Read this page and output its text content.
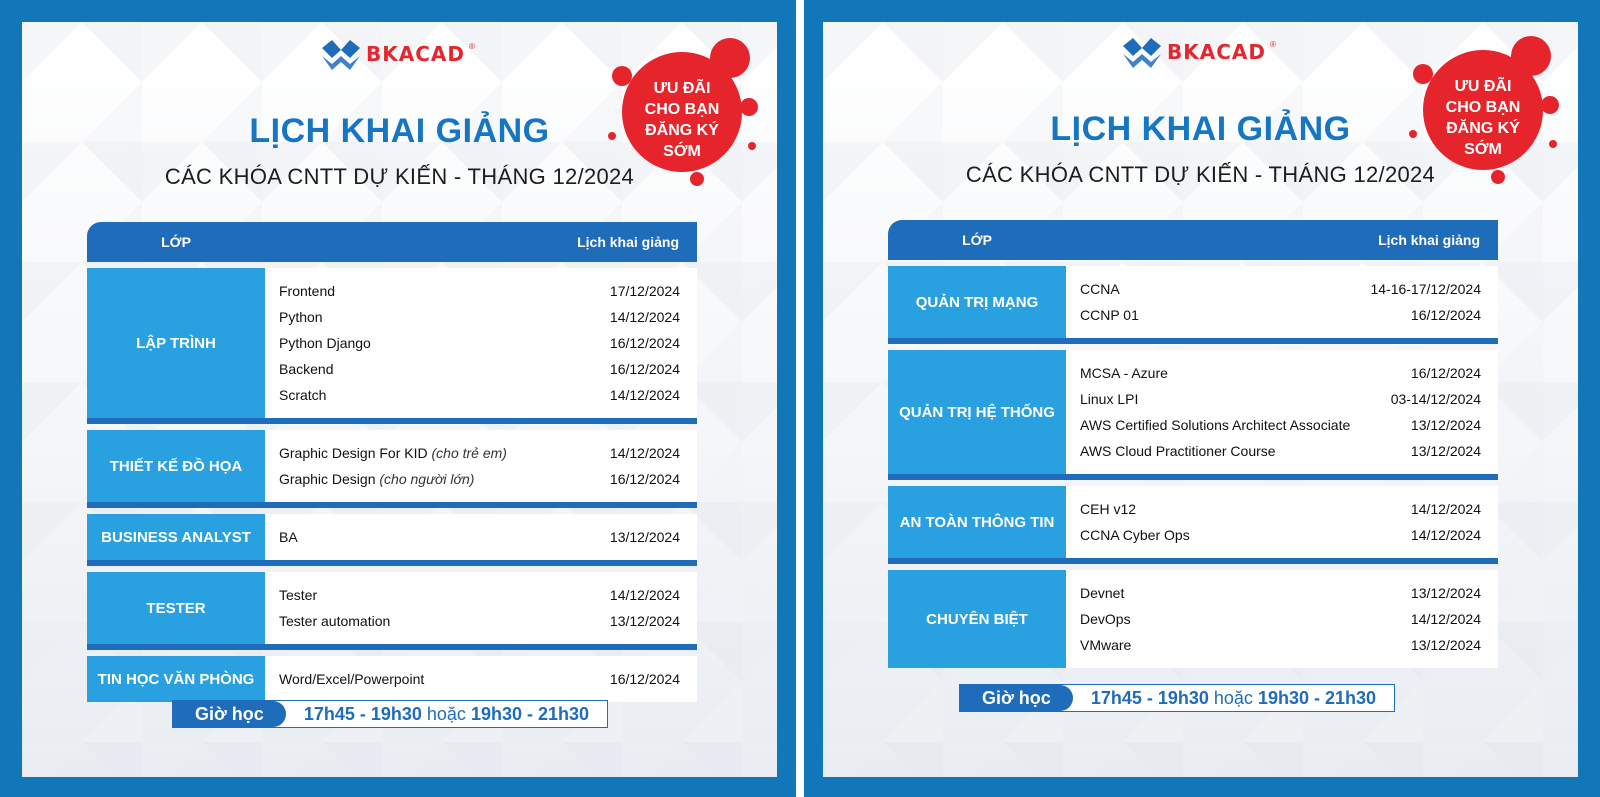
BKACAD ®
LỊCH KHAI GIẢNG
CÁC KHÓA CNTT DỰ KIẾN - THÁNG 12/2024
ƯU ĐÃI
CHO BẠN
ĐĂNG KÝ
SỚM
LỚP	Lịch khai giảng
LẬP TRÌNH
Frontend	17/12/2024
Python	14/12/2024
Python Django	16/12/2024
Backend	16/12/2024
Scratch	14/12/2024
THIẾT KẾ ĐỒ HỌA
Graphic Design For KID (cho trẻ em)	14/12/2024
Graphic Design (cho người lớn)	16/12/2024
BUSINESS ANALYST	BA	13/12/2024
TESTER
Tester	14/12/2024
Tester automation	13/12/2024
TIN HỌC VĂN PHÒNG	Word/Excel/Powerpoint	16/12/2024
Giờ học	17h45 - 19h30 hoặc 19h30 - 21h30
BKACAD ®
LỊCH KHAI GIẢNG
CÁC KHÓA CNTT DỰ KIẾN - THÁNG 12/2024
ƯU ĐÃI
CHO BẠN
ĐĂNG KÝ
SỚM
LỚP	Lịch khai giảng
QUẢN TRỊ MẠNG
CCNA	14-16-17/12/2024
CCNP 01	16/12/2024
QUẢN TRỊ HỆ THỐNG
MCSA - Azure	16/12/2024
Linux LPI	03-14/12/2024
AWS Certified Solutions Architect Associate	13/12/2024
AWS Cloud Practitioner Course	13/12/2024
AN TOÀN THÔNG TIN
CEH v12	14/12/2024
CCNA Cyber Ops	14/12/2024
CHUYÊN BIỆT
Devnet	13/12/2024
DevOps	14/12/2024
VMware	13/12/2024
Giờ học	17h45 - 19h30 hoặc 19h30 - 21h30
